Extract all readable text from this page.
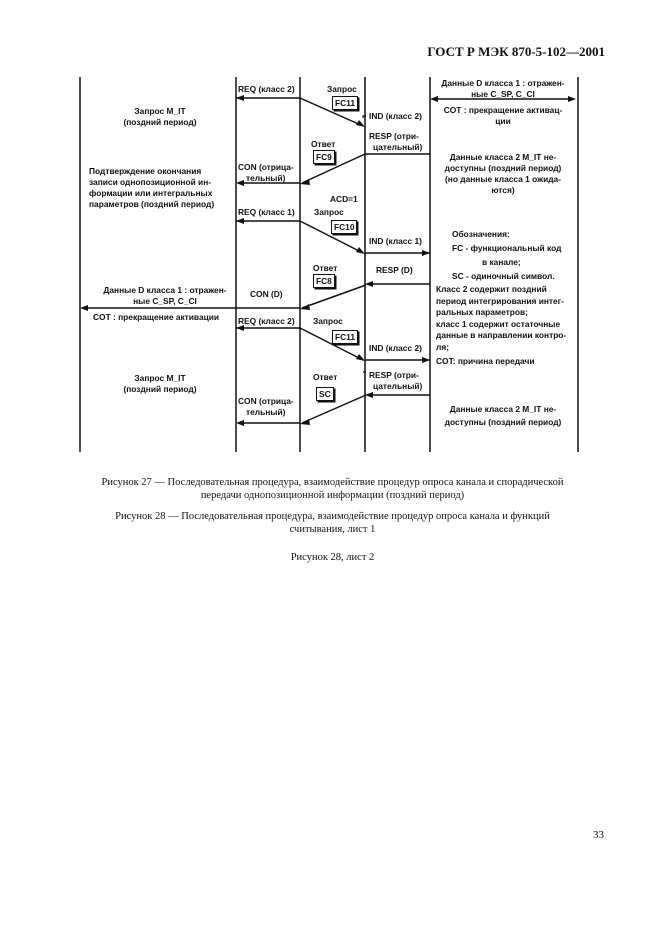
ГОСТ Р МЭК 870-5-102—2001
REQ (класс 2)	Запрос
FC11
IND (класс 2)
Данные D класса 1 : отражен-
ные C_SP, C_CI
COT : прекращение активац-
ции
Запрос M_IT
(поздний период)
Ответ
FC9
RESP (отри-
цательный)
Данные класса 2 M_IT не-
доступны (поздний период)
(но данные класса 1 ожида-
ются)
CON (отрица-
тельный)
Подтверждение окончания
записи однопозиционной ин-
формации или интегральных
параметров (поздний период)	ACD=1
REQ (класс 1) Запрос
FC10
IND (класс 1)
Обозначения:
FC - функциональный код
в канале;
SC - одиночный символ.
Ответ
FC8
RESP (D)
CON (D)
Данные D класса 1 : отражен-
ные C_SP, C_CI
COT : прекращение активации
Класс 2 содержит поздний
период интегрирования интег-
ральных параметров;
класс 1 содержит остаточные
данные в направлении контро-
ля;
COT: причина передачи
REQ (класс 2) Запрос
FC11
IND (класс 2)
Запрос M_IT
(поздний период)
Ответ
SC
RESP (отри-
цательный)
CON (отрица-
тельный)	Данные класса 2 M_IT не-
доступны (поздний период)
Рисунок 27 — Последовательная процедура, взаимодействие процедур опроса канала и спорадической
передачи однопозиционной информации (поздний период)
Рисунок 28 — Последовательная процедура, взаимодействие процедур опроса канала и функций
считывания, лист 1
Рисунок 28, лист 2
33
